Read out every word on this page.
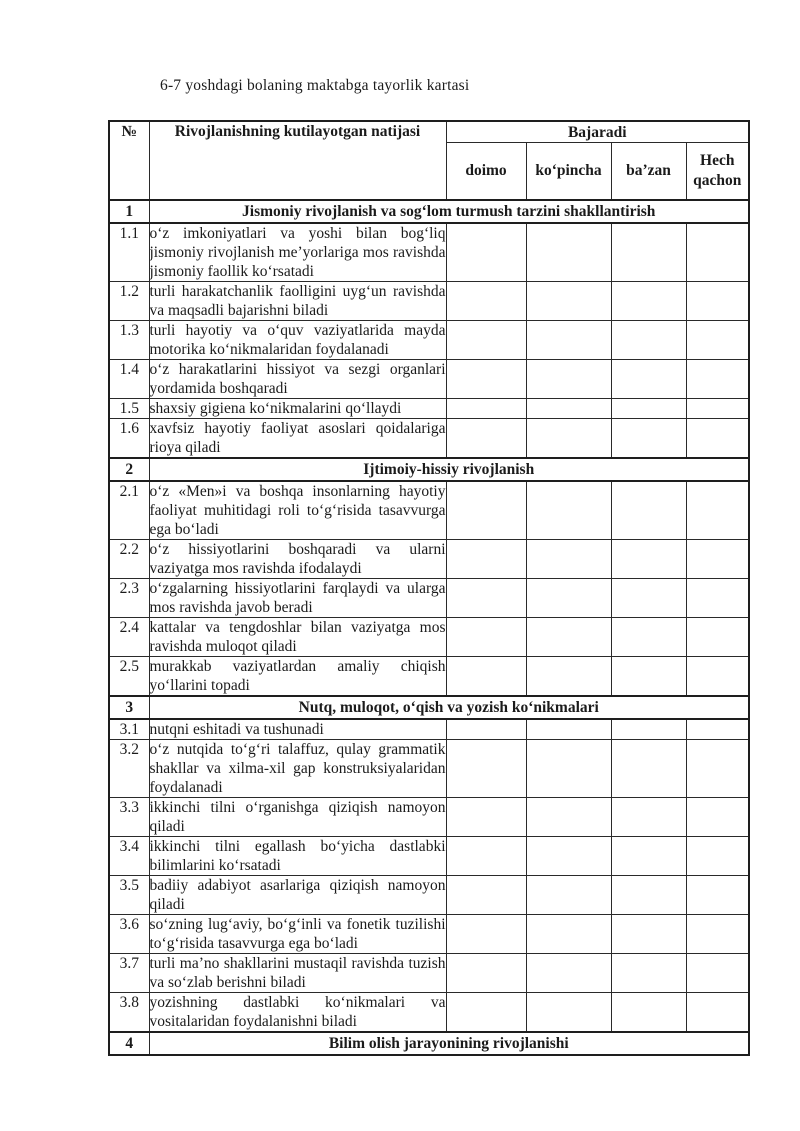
6-7 yoshdagi bolaning maktabga tayorlik kartasi
№	Rivojlanishning kutilayotgan natijasi	Bajaradi			
		doimo	koʻpincha	baʼzan	Hech qachon
1	Jismoniy rivojlanish va sogʻlom turmush tarzini shakllantirish				
1.1	oʻz imkoniyatlari va yoshi bilan bogʻliq jismoniy rivojlanish meʼyorlariga mos ravishda jismoniy faollik koʻrsatadi				
1.2	turli harakatchanlik faolligini uygʻun ravishda va maqsadli bajarishni biladi				
1.3	turli hayotiy va oʻquv vaziyatlarida mayda motorika koʻnikmalaridan foydalanadi				
1.4	oʻz harakatlarini hissiyot va sezgi organlari yordamida boshqaradi				
1.5	shaxsiy gigiena koʻnikmalarini qoʻllaydi				
1.6	xavfsiz hayotiy faoliyat asoslari qoidalariga rioya qiladi				
2	Ijtimoiy-hissiy rivojlanish				
2.1	oʻz «Men»i va boshqa insonlarning hayotiy faoliyat muhitidagi roli toʻgʻrisida tasavvurga ega boʻladi				
2.2	oʻz hissiyotlarini boshqaradi va ularni vaziyatga mos ravishda ifodalaydi				
2.3	oʻzgalarning hissiyotlarini farqlaydi va ularga mos ravishda javob beradi				
2.4	kattalar va tengdoshlar bilan vaziyatga mos ravishda muloqot qiladi				
2.5	murakkab vaziyatlardan amaliy chiqish yoʻllarini topadi				
3	Nutq, muloqot, oʻqish va yozish koʻnikmalari				
3.1	nutqni eshitadi va tushunadi				
3.2	oʻz nutqida toʻgʻri talaffuz, qulay grammatik shakllar va xilma-xil gap konstruksiyalaridan foydalanadi				
3.3	ikkinchi tilni oʻrganishga qiziqish namoyon qiladi				
3.4	ikkinchi tilni egallash boʻyicha dastlabki bilimlarini koʻrsatadi				
3.5	badiiy adabiyot asarlariga qiziqish namoyon qiladi				
3.6	soʻzning lugʻaviy, boʻgʻinli va fonetik tuzilishi toʻgʻrisida tasavvurga ega boʻladi				
3.7	turli maʼno shakllarini mustaqil ravishda tuzish va soʻzlab berishni biladi				
3.8	yozishning dastlabki koʻnikmalari va vositalaridan foydalanishni biladi				
4	Bilim olish jarayonining rivojlanishi				
